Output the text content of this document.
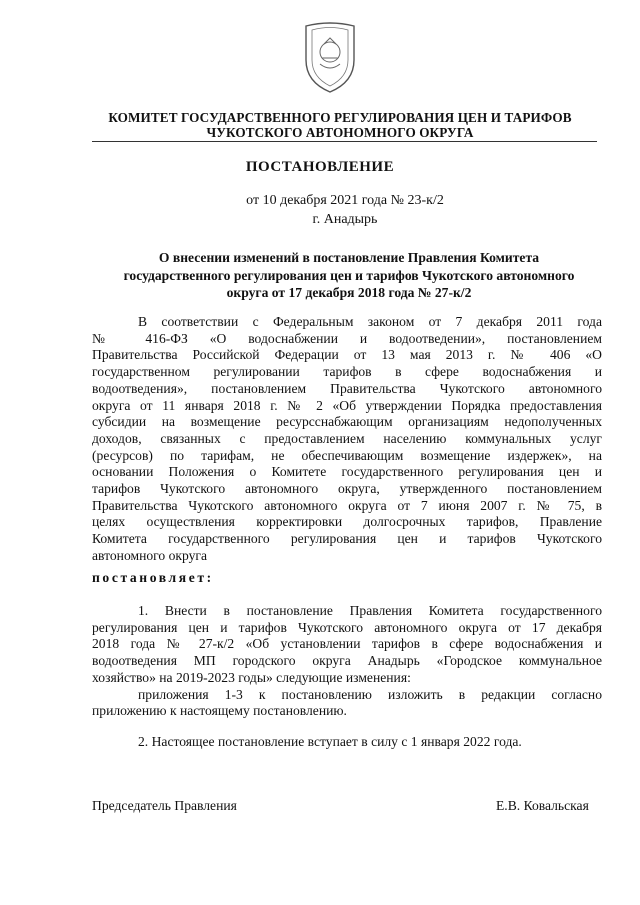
КОМИТЕТ ГОСУДАРСТВЕННОГО РЕГУЛИРОВАНИЯ ЦЕН И ТАРИФОВ
ЧУКОТСКОГО АВТОНОМНОГО ОКРУГА
ПОСТАНОВЛЕНИЕ
от 10 декабря 2021 года № 23-к/2
г. Анадырь
О внесении изменений в постановление Правления Комитета
государственного регулирования цен и тарифов Чукотского автономного
округа от 17 декабря 2018 года № 27-к/2
В соответствии с Федеральным законом от 7 декабря 2011 года
№ 416-ФЗ «О водоснабжении и водоотведении», постановлением
Правительства Российской Федерации от 13 мая 2013 г. № 406 «О
государственном регулировании тарифов в сфере водоснабжения и
водоотведения», постановлением Правительства Чукотского автономного
округа от 11 января 2018 г. № 2 «Об утверждении Порядка предоставления
субсидии на возмещение ресурсснабжающим организациям недополученных
доходов, связанных с предоставлением населению коммунальных услуг
(ресурсов) по тарифам, не обеспечивающим возмещение издержек», на
основании Положения о Комитете государственного регулирования цен и
тарифов Чукотского автономного округа, утвержденного постановлением
Правительства Чукотского автономного округа от 7 июня 2007 г. № 75, в
целях осуществления корректировки долгосрочных тарифов, Правление
Комитета государственного регулирования цен и тарифов Чукотского
автономного округа
постановляет:
1. Внести в постановление Правления Комитета государственного
регулирования цен и тарифов Чукотского автономного округа от 17 декабря
2018 года № 27-к/2 «Об установлении тарифов в сфере водоснабжения и
водоотведения МП городского округа Анадырь «Городское коммунальное
хозяйство» на 2019-2023 годы» следующие изменения:
приложения 1-3 к постановлению изложить в редакции согласно
приложению к настоящему постановлению.
2. Настоящее постановление вступает в силу с 1 января 2022 года.
Председатель Правления	Е.В. Ковальская
